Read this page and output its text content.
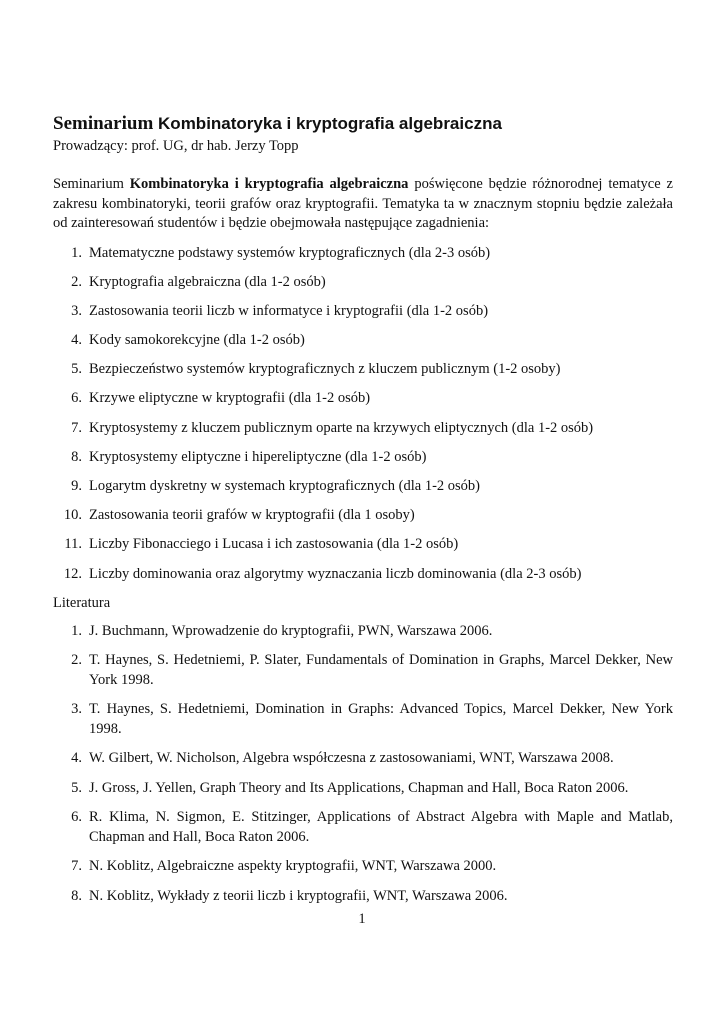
Seminarium Kombinatoryka i kryptografia algebraiczna

Prowadzący: prof. UG, dr hab. Jerzy Topp

Seminarium Kombinatoryka i kryptografia algebraiczna poświęcone będzie różnorodnej tematyce z zakresu kombinatoryki, teorii grafów oraz kryptografii. Tematyka ta w znacznym stopniu będzie zależała od zainteresowań studentów i będzie obejmowała następujące zagadnienia:

1. Matematyczne podstawy systemów kryptograficznych (dla 2-3 osób)
2. Kryptografia algebraiczna (dla 1-2 osób)
3. Zastosowania teorii liczb w informatyce i kryptografii (dla 1-2 osób)
4. Kody samokorekcyjne (dla 1-2 osób)
5. Bezpieczeństwo systemów kryptograficznych z kluczem publicznym (1-2 osoby)
6. Krzywe eliptyczne w kryptografii (dla 1-2 osób)
7. Kryptosystemy z kluczem publicznym oparte na krzywych eliptycznych (dla 1-2 osób)
8. Kryptosystemy eliptyczne i hipereliptyczne (dla 1-2 osób)
9. Logarytm dyskretny w systemach kryptograficznych (dla 1-2 osób)
10. Zastosowania teorii grafów w kryptografii (dla 1 osoby)
11. Liczby Fibonacciego i Lucasa i ich zastosowania (dla 1-2 osób)
12. Liczby dominowania oraz algorytmy wyznaczania liczb dominowania (dla 2-3 osób)

Literatura

1. J. Buchmann, Wprowadzenie do kryptografii, PWN, Warszawa 2006.
2. T. Haynes, S. Hedetniemi, P. Slater, Fundamentals of Domination in Graphs, Marcel Dekker, New York 1998.
3. T. Haynes, S. Hedetniemi, Domination in Graphs: Advanced Topics, Marcel Dekker, New York 1998.
4. W. Gilbert, W. Nicholson, Algebra współczesna z zastosowaniami, WNT, Warszawa 2008.
5. J. Gross, J. Yellen, Graph Theory and Its Applications, Chapman and Hall, Boca Raton 2006.
6. R. Klima, N. Sigmon, E. Stitzinger, Applications of Abstract Algebra with Maple and Matlab, Chapman and Hall, Boca Raton 2006.
7. N. Koblitz, Algebraiczne aspekty kryptografii, WNT, Warszawa 2000.
8. N. Koblitz, Wykłady z teorii liczb i kryptografii, WNT, Warszawa 2006.
1
